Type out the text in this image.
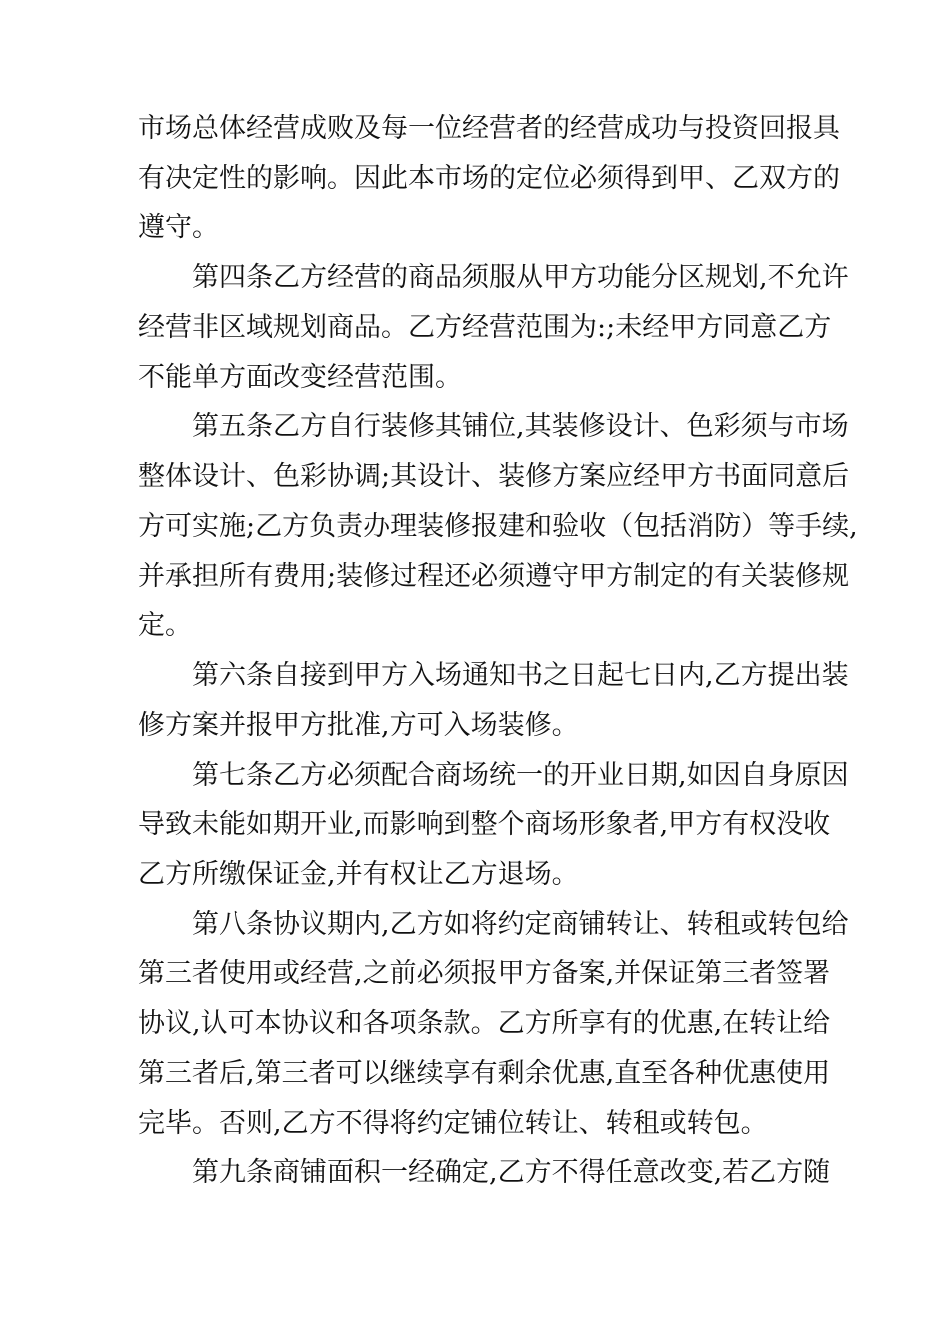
市场总体经营成败及每一位经营者的经营成功与投资回报具
有决定性的影响。因此本市场的定位必须得到甲、乙双方的
遵守。
第四条乙方经营的商品须服从甲方功能分区规划,不允许
经营非区域规划商品。乙方经营范围为:;未经甲方同意乙方
不能单方面改变经营范围。
第五条乙方自行装修其铺位,其装修设计、色彩须与市场
整体设计、色彩协调;其设计、装修方案应经甲方书面同意后
方可实施;乙方负责办理装修报建和验收（包括消防）等手续,
并承担所有费用;装修过程还必须遵守甲方制定的有关装修规
定。
第六条自接到甲方入场通知书之日起七日内,乙方提出装
修方案并报甲方批准,方可入场装修。
第七条乙方必须配合商场统一的开业日期,如因自身原因
导致未能如期开业,而影响到整个商场形象者,甲方有权没收
乙方所缴保证金,并有权让乙方退场。
第八条协议期内,乙方如将约定商铺转让、转租或转包给
第三者使用或经营,之前必须报甲方备案,并保证第三者签署
协议,认可本协议和各项条款。乙方所享有的优惠,在转让给
第三者后,第三者可以继续享有剩余优惠,直至各种优惠使用
完毕。否则,乙方不得将约定铺位转让、转租或转包。
第九条商铺面积一经确定,乙方不得任意改变,若乙方随
